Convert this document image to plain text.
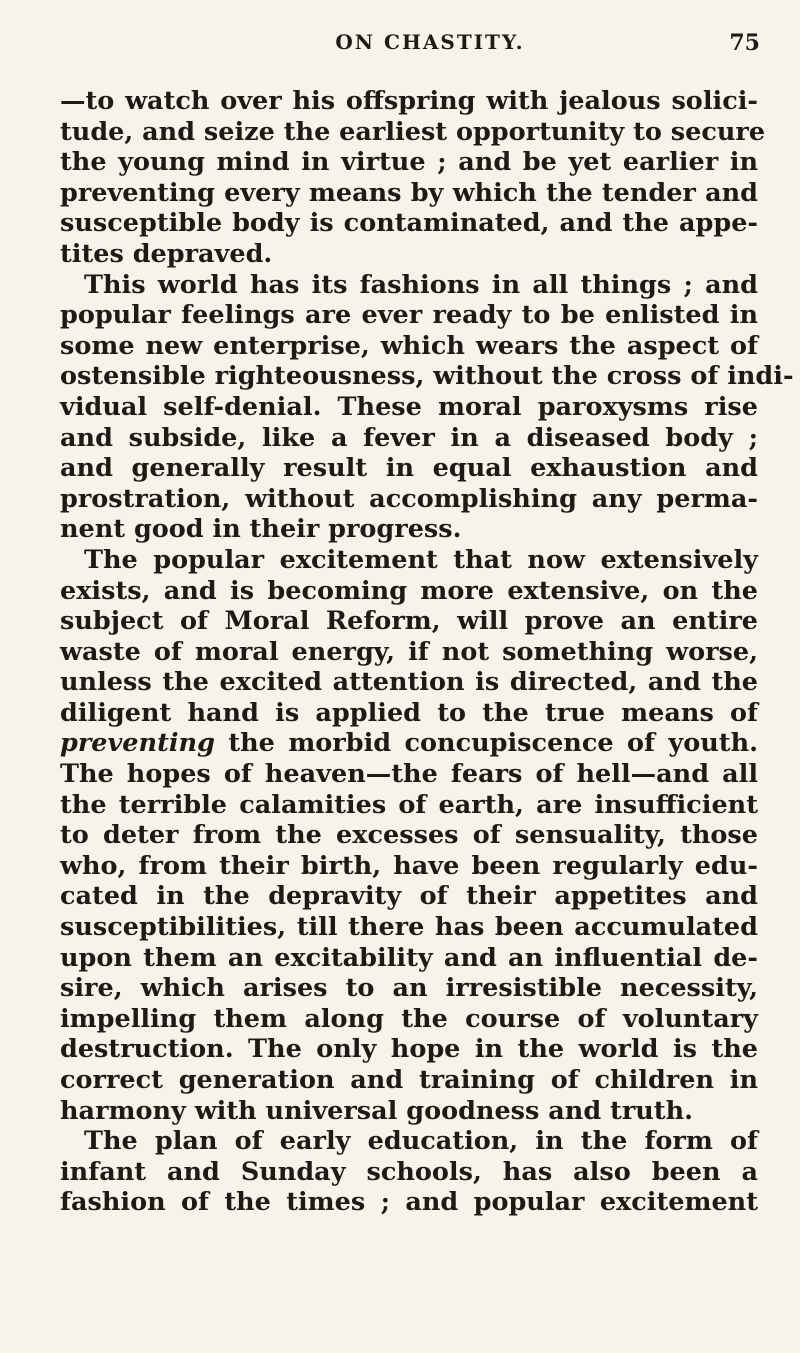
ON CHASTITY.	75
—to watch over his offspring with jealous solici-
tude, and seize the earliest opportunity to secure
the young mind in virtue ; and be yet earlier in
preventing every means by which the tender and
susceptible body is contaminated, and the appe-
tites depraved.
This world has its fashions in all things ; and
popular feelings are ever ready to be enlisted in
some new enterprise, which wears the aspect of
ostensible righteousness, without the cross of indi-
vidual self-denial. These moral paroxysms rise
and subside, like a fever in a diseased body ;
and generally result in equal exhaustion and
prostration, without accomplishing any perma-
nent good in their progress.
The popular excitement that now extensively
exists, and is becoming more extensive, on the
subject of Moral Reform, will prove an entire
waste of moral energy, if not something worse,
unless the excited attention is directed, and the
diligent hand is applied to the true means of
preventing the morbid concupiscence of youth.
The hopes of heaven—the fears of hell—and all
the terrible calamities of earth, are insufficient
to deter from the excesses of sensuality, those
who, from their birth, have been regularly edu-
cated in the depravity of their appetites and
susceptibilities, till there has been accumulated
upon them an excitability and an influential de-
sire, which arises to an irresistible necessity,
impelling them along the course of voluntary
destruction. The only hope in the world is the
correct generation and training of children in
harmony with universal goodness and truth.
The plan of early education, in the form of
infant and Sunday schools, has also been a
fashion of the times ; and popular excitement
